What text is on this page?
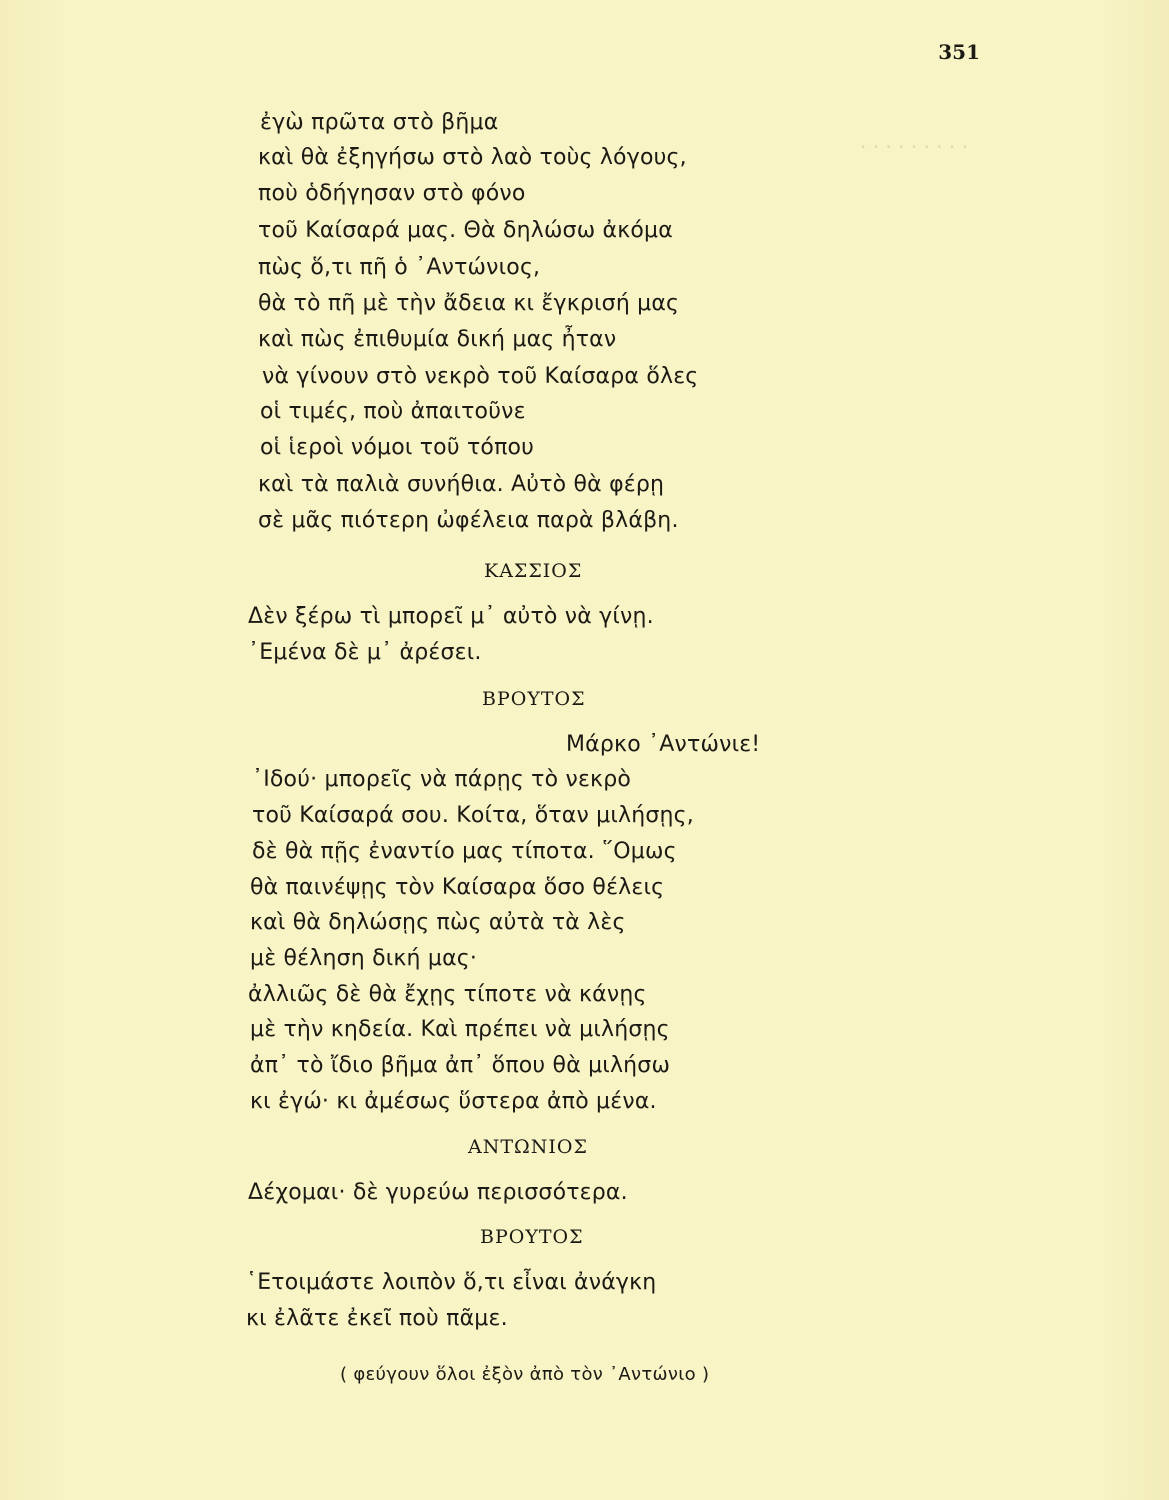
· · · · · · · · ·
351
ἐγὼ πρῶτα στὸ βῆμα
καὶ θὰ ἐξηγήσω στὸ λαὸ τοὺς λόγους,
ποὺ ὁδήγησαν στὸ φόνο
τοῦ Καίσαρά μας. Θὰ δηλώσω ἀκόμα
πὼς ὅ,τι πῆ ὁ ᾿Αντώνιος,
θὰ τὸ πῆ μὲ τὴν ἄδεια κι ἔγκρισή μας
καὶ πὼς ἐπιθυμία δική μας ἦταν
νὰ γίνουν στὸ νεκρὸ τοῦ Καίσαρα ὅλες
οἱ τιμές, ποὺ ἀπαιτοῦνε
οἱ ἱεροὶ νόμοι τοῦ τόπου
καὶ τὰ παλιὰ συνήθια. Αὐτὸ θὰ φέρῃ
σὲ μᾶς πιότερη ὠφέλεια παρὰ βλάβη.
ΚΑΣΣΙΟΣ
Δὲν ξέρω τὶ μπορεῖ μ᾿ αὐτὸ νὰ γίνῃ.
᾿Εμένα δὲ μ᾿ ἀρέσει.
ΒΡΟΥΤΟΣ
Μάρκο ᾿Αντώνιε!
᾿Ιδού· μπορεῖς νὰ πάρῃς τὸ νεκρὸ
τοῦ Καίσαρά σου. Κοίτα, ὅταν μιλήσῃς,
δὲ θὰ πῇς ἐναντίο μας τίποτα. ῞Ομως
θὰ παινέψῃς τὸν Καίσαρα ὅσο θέλεις
καὶ θὰ δηλώσῃς πὼς αὐτὰ τὰ λὲς
μὲ θέληση δική μας·
ἀλλιῶς δὲ θὰ ἔχῃς τίποτε νὰ κάνῃς
μὲ τὴν κηδεία. Καὶ πρέπει νὰ μιλήσῃς
ἀπ᾿ τὸ ἴδιο βῆμα ἀπ᾿ ὅπου θὰ μιλήσω
κι ἐγώ· κι ἀμέσως ὕστερα ἀπὸ μένα.
ΑΝΤΩΝΙΟΣ
Δέχομαι· δὲ γυρεύω περισσότερα.
ΒΡΟΥΤΟΣ
῾Ετοιμάστε λοιπὸν ὅ,τι εἶναι ἀνάγκη
κι ἐλᾶτε ἐκεῖ ποὺ πᾶμε.
( φεύγουν ὅλοι ἐξὸν ἀπὸ τὸν ᾿Αντώνιο )
